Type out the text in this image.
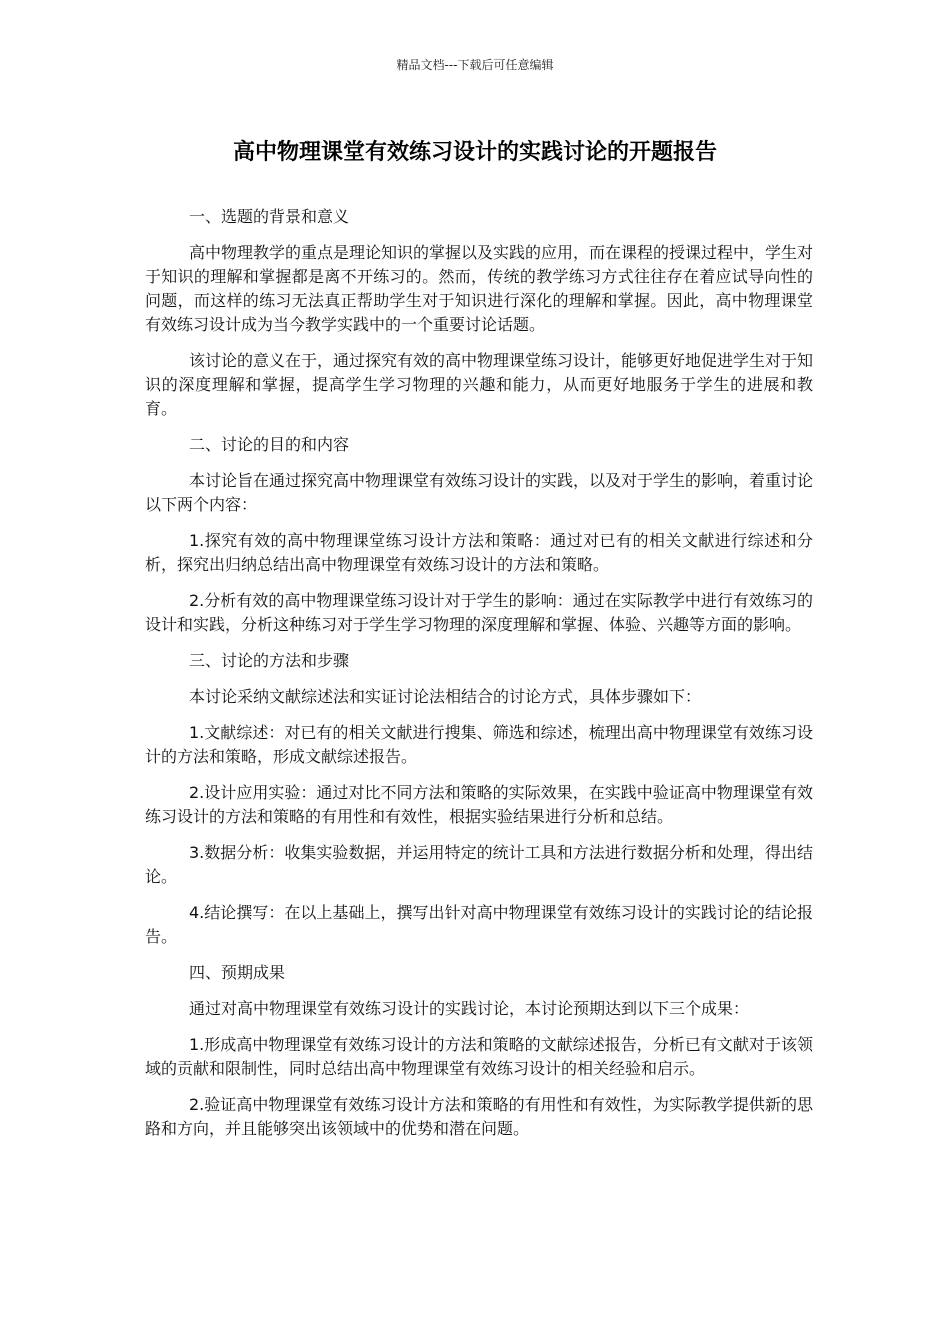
精品文档---下载后可任意编辑
高中物理课堂有效练习设计的实践讨论的开题报告

一、选题的背景和意义

高中物理教学的重点是理论知识的掌握以及实践的应用，而在课程的授课过程中，学生对于知识的理解和掌握都是离不开练习的。然而，传统的教学练习方式往往存在着应试导向性的问题，而这样的练习无法真正帮助学生对于知识进行深化的理解和掌握。因此，高中物理课堂有效练习设计成为当今教学实践中的一个重要讨论话题。

该讨论的意义在于，通过探究有效的高中物理课堂练习设计，能够更好地促进学生对于知识的深度理解和掌握，提高学生学习物理的兴趣和能力，从而更好地服务于学生的进展和教育。

二、讨论的目的和内容

本讨论旨在通过探究高中物理课堂有效练习设计的实践，以及对于学生的影响，着重讨论以下两个内容：

1.探究有效的高中物理课堂练习设计方法和策略：通过对已有的相关文献进行综述和分析，探究出归纳总结出高中物理课堂有效练习设计的方法和策略。

2.分析有效的高中物理课堂练习设计对于学生的影响：通过在实际教学中进行有效练习的设计和实践，分析这种练习对于学生学习物理的深度理解和掌握、体验、兴趣等方面的影响。

三、讨论的方法和步骤

本讨论采纳文献综述法和实证讨论法相结合的讨论方式，具体步骤如下：

1.文献综述：对已有的相关文献进行搜集、筛选和综述，梳理出高中物理课堂有效练习设计的方法和策略，形成文献综述报告。

2.设计应用实验：通过对比不同方法和策略的实际效果，在实践中验证高中物理课堂有效练习设计的方法和策略的有用性和有效性，根据实验结果进行分析和总结。

3.数据分析：收集实验数据，并运用特定的统计工具和方法进行数据分析和处理，得出结论。

4.结论撰写：在以上基础上，撰写出针对高中物理课堂有效练习设计的实践讨论的结论报告。

四、预期成果

通过对高中物理课堂有效练习设计的实践讨论，本讨论预期达到以下三个成果：

1.形成高中物理课堂有效练习设计的方法和策略的文献综述报告，分析已有文献对于该领域的贡献和限制性，同时总结出高中物理课堂有效练习设计的相关经验和启示。

2.验证高中物理课堂有效练习设计方法和策略的有用性和有效性，为实际教学提供新的思路和方向，并且能够突出该领域中的优势和潜在问题。
